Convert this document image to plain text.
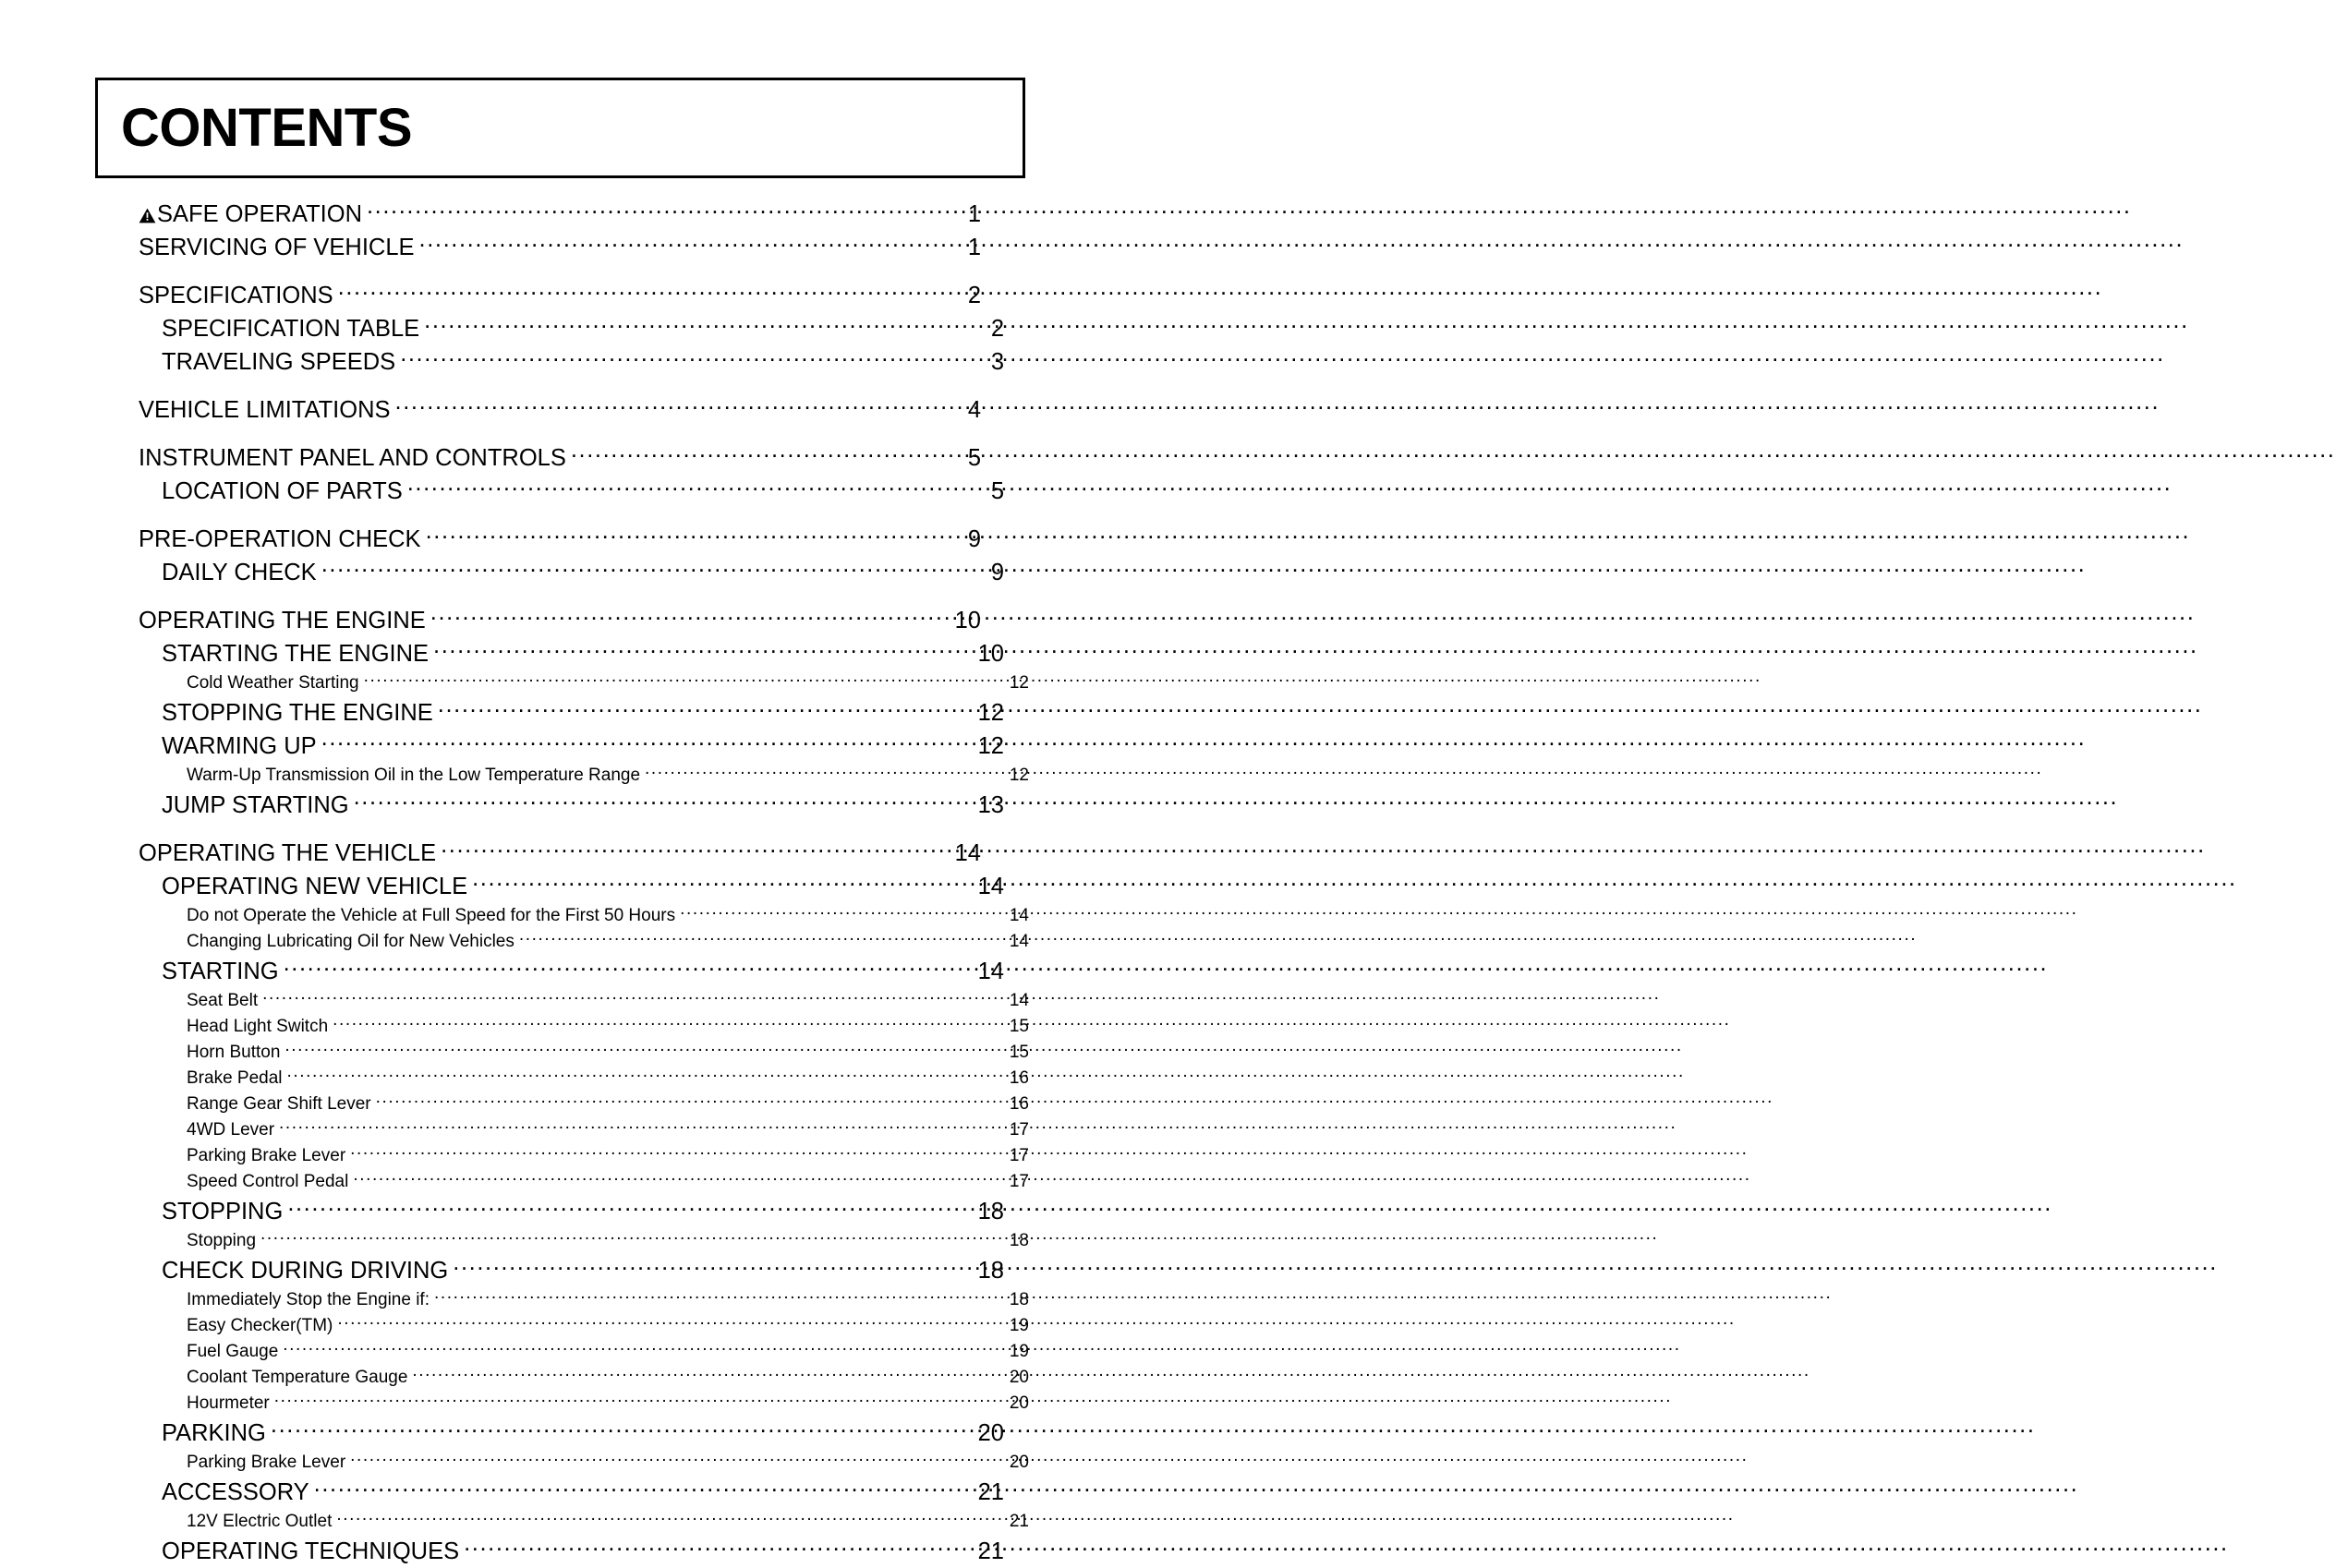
CONTENTS
SAFE OPERATION .....	1
SERVICING OF VEHICLE .....	1
SPECIFICATIONS .....	2
SPECIFICATION TABLE .....	2
TRAVELING SPEEDS .....	3
VEHICLE LIMITATIONS .....	4
INSTRUMENT PANEL AND CONTROLS .....	5
LOCATION OF PARTS .....	5
PRE-OPERATION CHECK .....	9
DAILY CHECK .....	9
OPERATING THE ENGINE .....	10
STARTING THE ENGINE .....	10
Cold Weather Starting .....	12
STOPPING THE ENGINE .....	12
WARMING UP .....	12
Warm-Up Transmission Oil in the Low Temperature Range .....	12
JUMP STARTING .....	13
OPERATING THE VEHICLE .....	14
OPERATING NEW VEHICLE .....	14
Do not Operate the Vehicle at Full Speed for the First 50 Hours .....	14
Changing Lubricating Oil for New Vehicles .....	14
STARTING .....	14
Seat Belt .....	14
Head Light Switch .....	15
Horn Button .....	15
Brake Pedal .....	16
Range Gear Shift Lever .....	16
4WD Lever .....	17
Parking Brake Lever .....	17
Speed Control Pedal .....	17
STOPPING .....	18
Stopping .....	18
CHECK DURING DRIVING .....	18
Immediately Stop the Engine if: .....	18
Easy Checker(TM) .....	19
Fuel Gauge .....	19
Coolant Temperature Gauge .....	20
Hourmeter .....	20
PARKING .....	20
Parking Brake Lever .....	20
ACCESSORY .....	21
12V Electric Outlet .....	21
OPERATING TECHNIQUES .....	21
